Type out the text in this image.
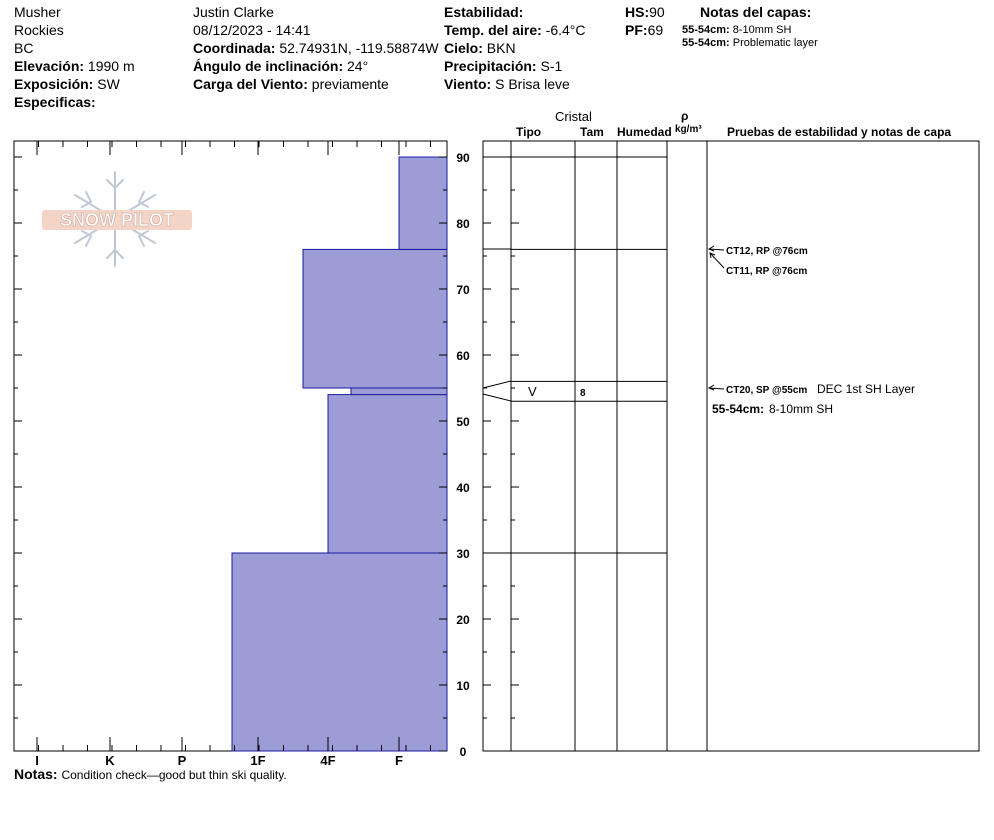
Musher
Rockies
BC
Elevación: 1990 m
Exposición: SW
Especificas:
Justin Clarke
08/12/2023 - 14:41
Coordinada: 52.74931N, -119.58874W
Ángulo de inclinación: 24°
Carga del Viento: previamente
Estabilidad:
Temp. del aire: -6.4°C
Cielo: BKN
Precipitación: S-1
Viento: S Brisa leve
HS:90
PF:69
Notas del capas:
55-54cm: 8-10mm SH
55-54cm: Problematic layer
Cristal
Tipo	Tam Humedad
ρ
kg/m³ Pruebas de estabilidad y notas de capa
SNOW PILOT
I	K	P	1F	4F	F
0
10
20
30
40
50
60
70
80
90
V	8
CT12, RP @76cm
CT11, RP @76cm
CT20, SP @55cm DEC 1st SH Layer
55-54cm: 8-10mm SH
Notas: Condition check—good but thin ski quality.
